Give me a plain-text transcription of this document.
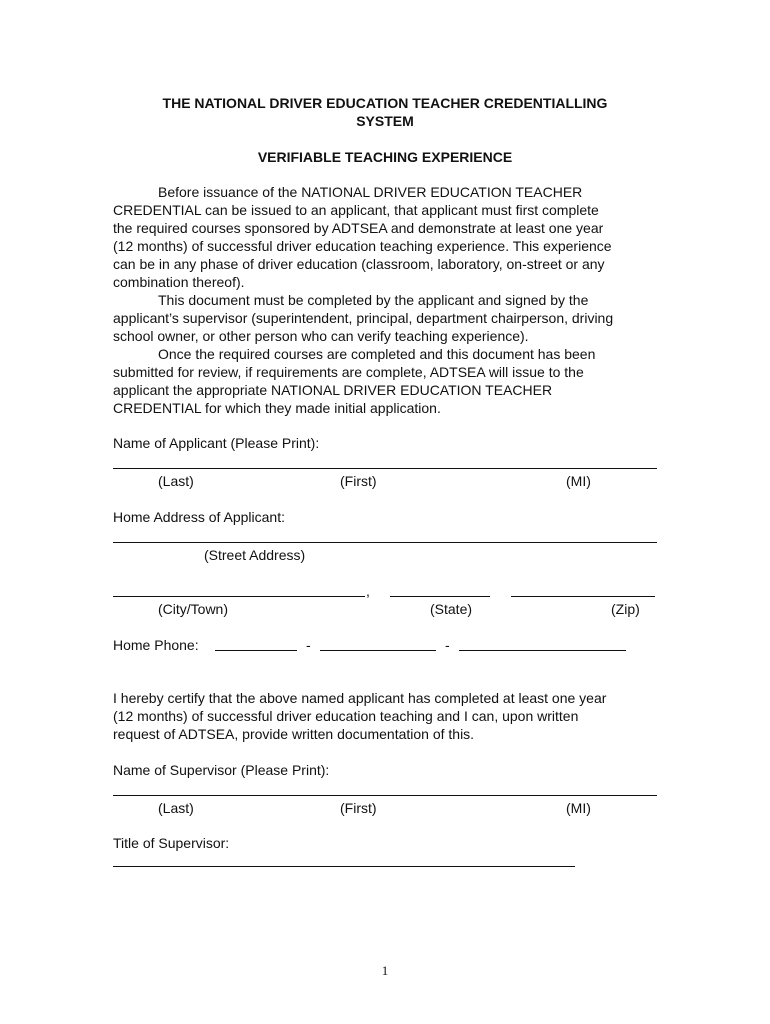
THE NATIONAL DRIVER EDUCATION TEACHER CREDENTIALLING
SYSTEM
VERIFIABLE TEACHING EXPERIENCE
Before issuance of the NATIONAL DRIVER EDUCATION TEACHER
CREDENTIAL can be issued to an applicant, that applicant must first complete
the required courses sponsored by ADTSEA and demonstrate at least one year
(12 months) of successful driver education teaching experience. This experience
can be in any phase of driver education (classroom, laboratory, on-street or any
combination thereof).
This document must be completed by the applicant and signed by the
applicant’s supervisor (superintendent, principal, department chairperson, driving
school owner, or other person who can verify teaching experience).
Once the required courses are completed and this document has been
submitted for review, if requirements are complete, ADTSEA will issue to the
applicant the appropriate NATIONAL DRIVER EDUCATION TEACHER
CREDENTIAL for which they made initial application.
Name of Applicant (Please Print):
(Last)	(First)	(MI)
Home Address of Applicant:
(Street Address)
,
(City/Town)	(State)	(Zip)
Home Phone:	-	-
I hereby certify that the above named applicant has completed at least one year
(12 months) of successful driver education teaching and I can, upon written
request of ADTSEA, provide written documentation of this.
Name of Supervisor (Please Print):
(Last)	(First)	(MI)
Title of Supervisor:
1
